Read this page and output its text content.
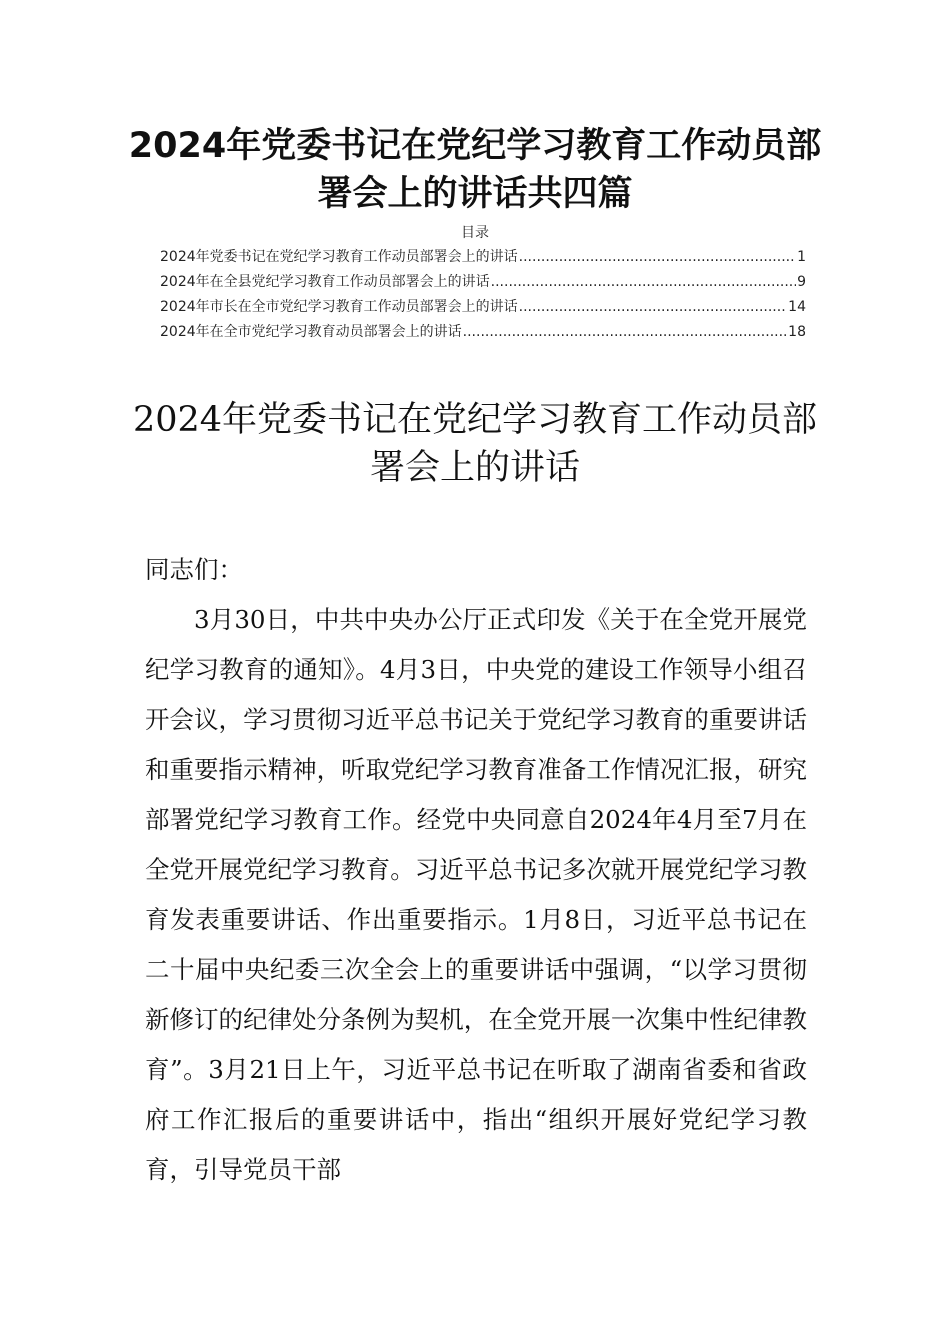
2024年党委书记在党纪学习教育工作动员部署会上的讲话共四篇
目录
2024年党委书记在党纪学习教育工作动员部署会上的讲话 .....	1
2024年在全县党纪学习教育工作动员部署会上的讲话 .....	9
2024年市长在全市党纪学习教育工作动员部署会上的讲话 .....	14
2024年在全市党纪学习教育动员部署会上的讲话 .....	18
2024年党委书记在党纪学习教育工作动员部署会上的讲话

同志们：

3月30日，中共中央办公厅正式印发《关于在全党开展党纪学习教育的通知》。4月3日，中央党的建设工作领导小组召开会议，学习贯彻习近平总书记关于党纪学习教育的重要讲话和重要指示精神，听取党纪学习教育准备工作情况汇报，研究部署党纪学习教育工作。经党中央同意自2024年4月至7月在全党开展党纪学习教育。习近平总书记多次就开展党纪学习教育发表重要讲话、作出重要指示。1月8日，习近平总书记在二十届中央纪委三次全会上的重要讲话中强调，“以学习贯彻新修订的纪律处分条例为契机，在全党开展一次集中性纪律教育”。3月21日上午，习近平总书记在听取了湖南省委和省政府工作汇报后的重要讲话中，指出“组织开展好党纪学习教育，引导党员干部
